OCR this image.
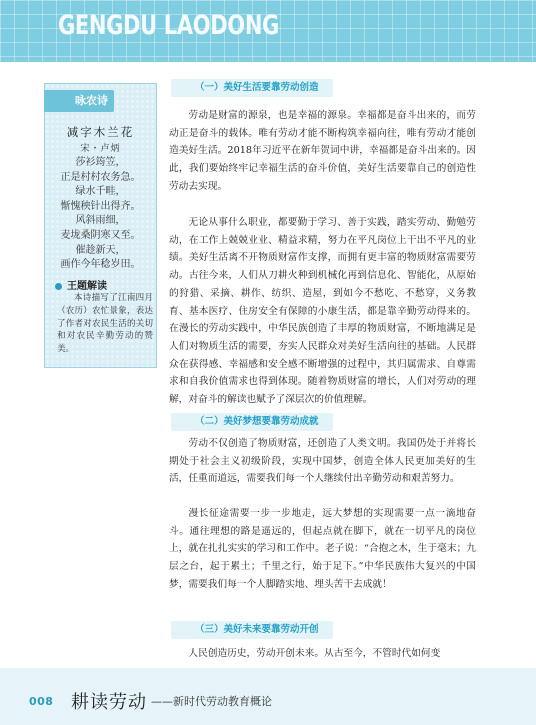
GENGDU LAODONG
咏农诗
减字木兰花
宋・卢炳
莎衫筠笠，
正是村村农务急。
绿水千畦，
惭愧秧针出得齐。
风斜雨细，
麦垅桑阴寒又至。
催趁新天，
画作今年稔岁田。
王题解读
本诗描写了江南四月（农历）农忙景象，表达了作者对农民生活的关切和对农民辛勤劳动的赞美。
（一）美好生活要靠劳动创造

劳动是财富的源泉，也是幸福的源泉。幸福都是奋斗出来的，而劳动正是奋斗的载体。唯有劳动才能不断构筑幸福向往，唯有劳动才能创造美好生活。2018年习近平在新年贺词中讲，幸福都是奋斗出来的。因此，我们要始终牢记幸福生活的奋斗价值，美好生活要靠自己的创造性劳动去实现。

无论从事什么职业，都要勤于学习、善于实践，踏实劳动、勤勉劳动，在工作上兢兢业业、精益求精，努力在平凡岗位上干出不平凡的业绩。美好生活离不开物质财富作支撑，而拥有更丰富的物质财富需要劳动。古往今来，人们从刀耕火种到机械化再到信息化、智能化，从原始的狩猎、采摘、耕作、纺织、造屋，到如今不愁吃、不愁穿，义务教育、基本医疗、住房安全有保障的小康生活，都是靠辛勤劳动得来的。在漫长的劳动实践中，中华民族创造了丰厚的物质财富，不断地满足是人们对物质生活的需要，夯实人民群众对美好生活向往的基础。人民群众在获得感、幸福感和安全感不断增强的过程中，其归属需求、自尊需求和自我价值需求也得到体现。随着物质财富的增长，人们对劳动的理解，对奋斗的解读也赋予了深层次的价值理解。

（二）美好梦想要靠劳动成就

劳动不仅创造了物质财富，还创造了人类文明。我国仍处于并将长期处于社会主义初级阶段，实现中国梦，创造全体人民更加美好的生活，任重而道远，需要我们每一个人继续付出辛勤劳动和艰苦努力。

漫长征途需要一步一步地走，远大梦想的实现需要一点一滴地奋斗。通往理想的路是遥远的，但起点就在脚下，就在一切平凡的岗位上，就在扎扎实实的学习和工作中。老子说：“合抱之木，生于毫末；九层之台，起于累土；千里之行，始于足下。”中华民族伟大复兴的中国梦，需要我们每一个人脚踏实地、埋头苦干去成就！

（三）美好未来要靠劳动开创

人民创造历史，劳动开创未来。从古至今，不管时代如何变

008 耕读劳动 ——新时代劳动教育概论
